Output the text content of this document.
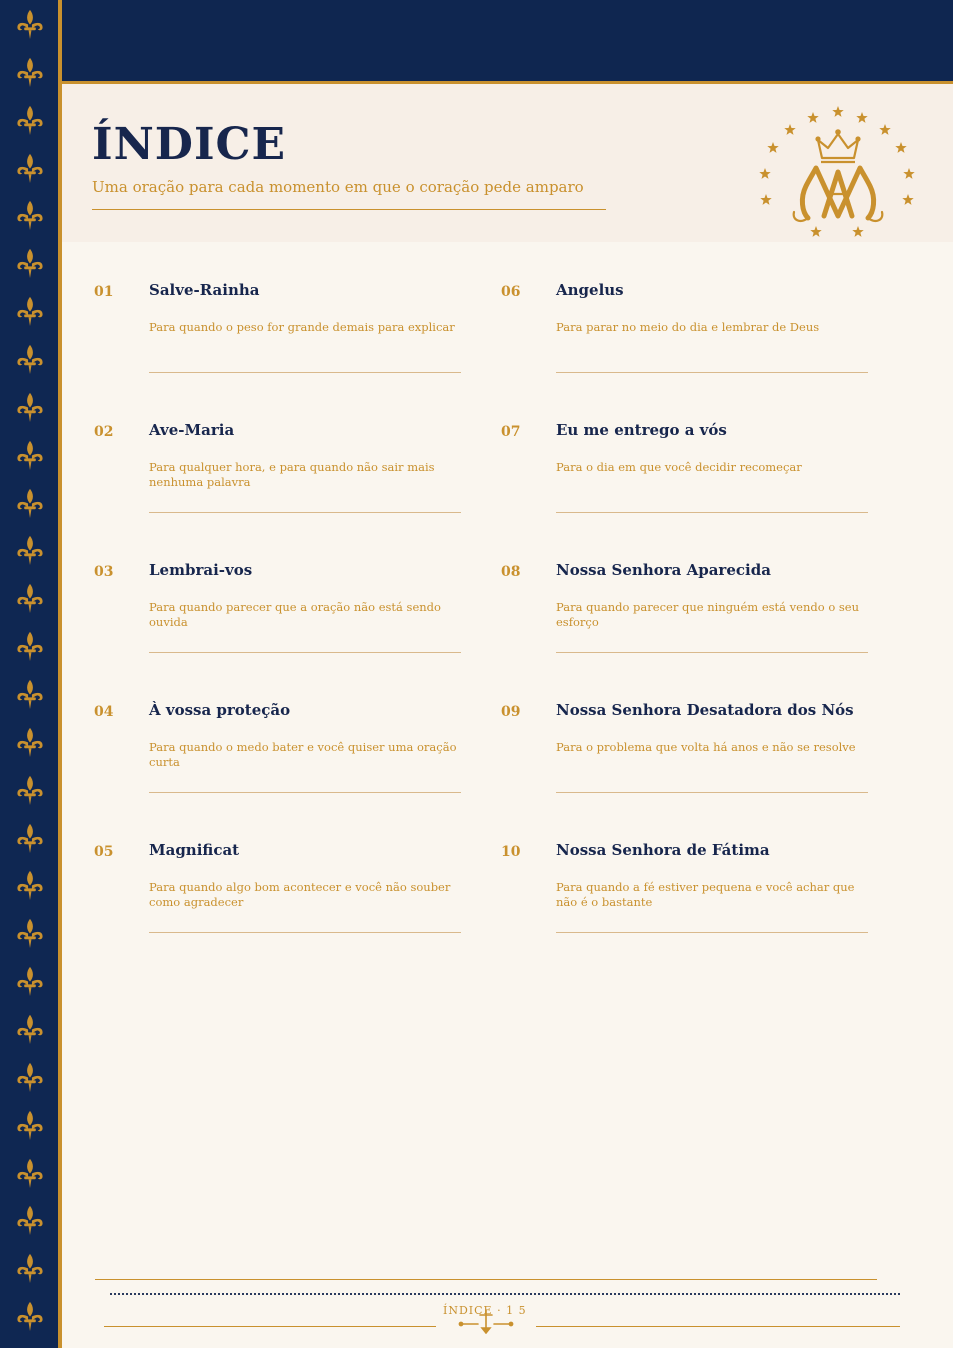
ÍNDICE
Uma oração para cada momento em que o coração pede amparo
01 Salve-Rainha
Para quando o peso for grande demais para explicar
02 Ave-Maria
Para qualquer hora, e para quando não sair mais nenhuma palavra
03 Lembrai-vos
Para quando parecer que a oração não está sendo ouvida
04 À vossa proteção
Para quando o medo bater e você quiser uma oração curta
05 Magnificat
Para quando algo bom acontecer e você não souber como agradecer
06 Angelus
Para parar no meio do dia e lembrar de Deus
07 Eu me entrego a vós
Para o dia em que você decidir recomeçar
08 Nossa Senhora Aparecida
Para quando parecer que ninguém está vendo o seu esforço
09 Nossa Senhora Desatadora dos Nós
Para o problema que volta há anos e não se resolve
10 Nossa Senhora de Fátima
Para quando a fé estiver pequena e você achar que não é o bastante
ÍNDICE · 1 5
